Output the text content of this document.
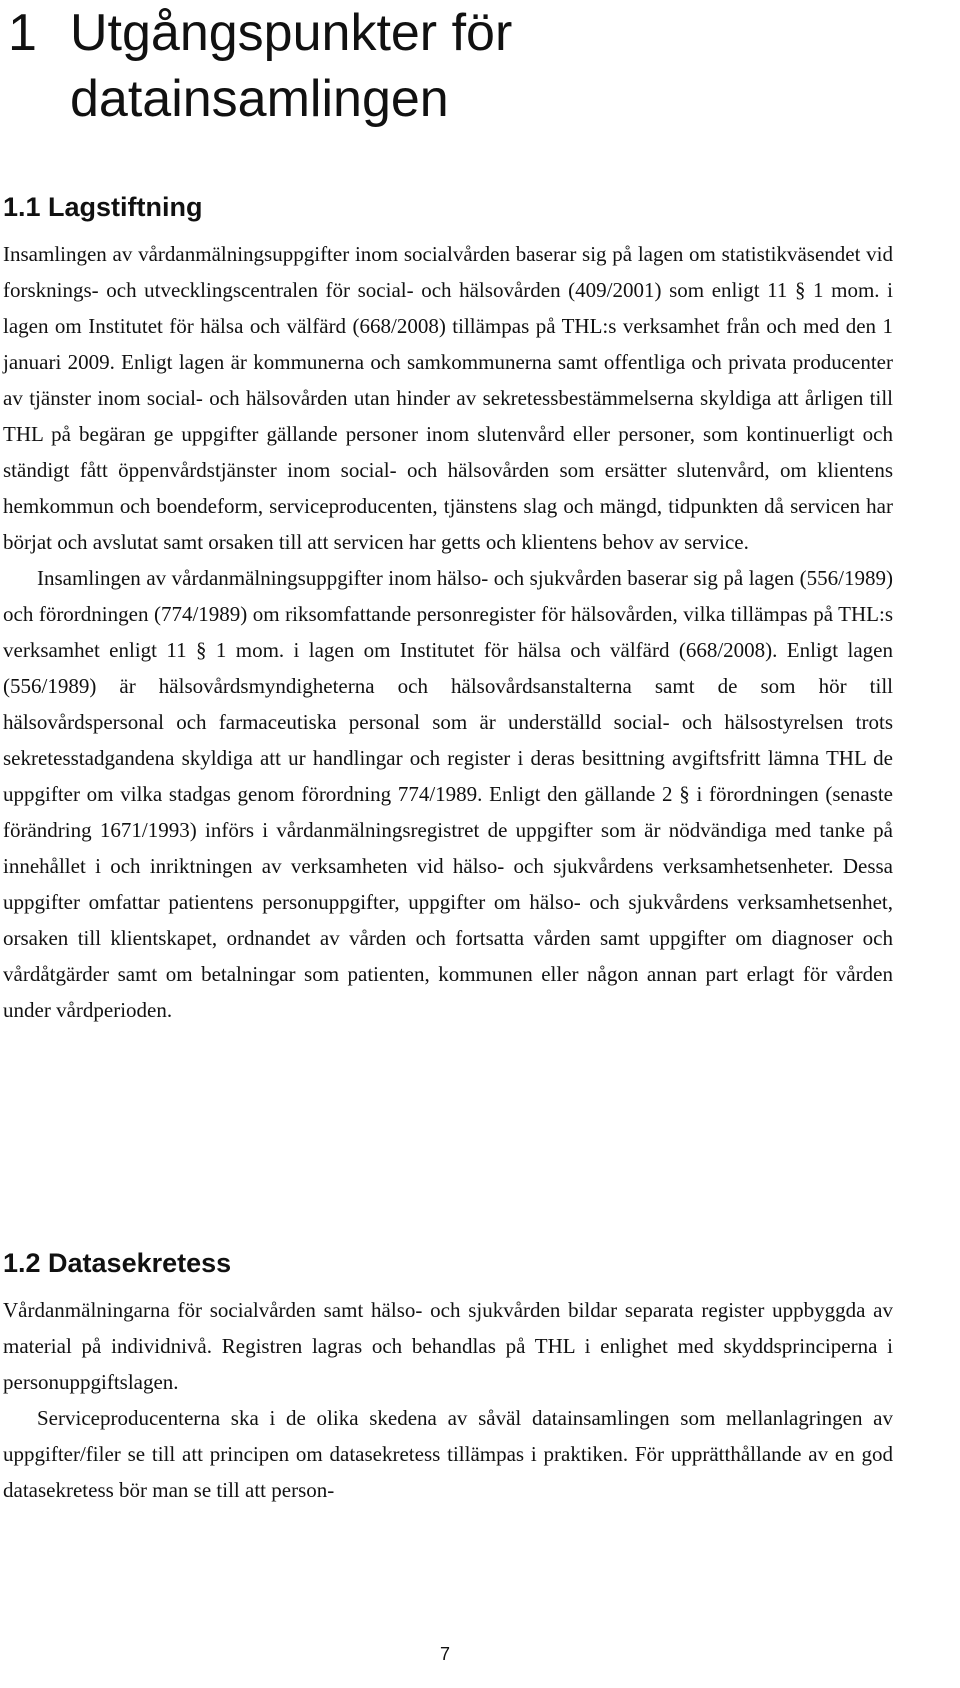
1 Utgångspunkter för
datainsamlingen
1.1 Lagstiftning

Insamlingen av vårdanmälningsuppgifter inom socialvården baserar sig på lagen om statistikväsendet vid forsknings- och utvecklingscentralen för social- och hälsovården (409/2001) som enligt 11 § 1 mom. i lagen om Institutet för hälsa och välfärd (668/2008) tillämpas på THL:s verksamhet från och med den 1 januari 2009. Enligt lagen är kommunerna och samkommunerna samt offentliga och privata producenter av tjänster inom social- och hälsovården utan hinder av sekretessbestämmelserna skyldiga att årligen till THL på begäran ge uppgifter gällande personer inom slutenvård eller personer, som kontinuerligt och ständigt fått öppenvårdstjänster inom social- och hälsovården som ersätter slutenvård, om klientens hemkommun och boendeform, serviceproducenten, tjänstens slag och mängd, tidpunkten då servicen har börjat och avslutat samt orsaken till att servicen har getts och klientens behov av service.

Insamlingen av vårdanmälningsuppgifter inom hälso- och sjukvården baserar sig på lagen (556/1989) och förordningen (774/1989) om riksomfattande personregister för hälsovården, vilka tillämpas på THL:s verksamhet enligt 11 § 1 mom. i lagen om Institutet för hälsa och välfärd (668/2008). Enligt lagen (556/1989) är hälsovårdsmyndigheterna och hälsovårdsanstalterna samt de som hör till hälsovårdspersonal och farmaceutiska personal som är underställd social- och hälsostyrelsen trots sekretesstadgandena skyldiga att ur handlingar och register i deras besittning avgiftsfritt lämna THL de uppgifter om vilka stadgas genom förordning 774/1989. Enligt den gällande 2 § i förordningen (senaste förändring 1671/1993) införs i vårdanmälningsregistret de uppgifter som är nödvändiga med tanke på innehållet i och inriktningen av verksamheten vid hälso- och sjukvårdens verksamhetsenheter. Dessa uppgifter omfattar patientens personuppgifter, uppgifter om hälso- och sjukvårdens verksamhetsenhet, orsaken till klientskapet, ordnandet av vården och fortsatta vården samt uppgifter om diagnoser och vårdåtgärder samt om betalningar som patienten, kommunen eller någon annan part erlagt för vården under vårdperioden.

1.2 Datasekretess

Vårdanmälningarna för socialvården samt hälso- och sjukvården bildar separata register uppbyggda av material på individnivå. Registren lagras och behandlas på THL i enlighet med skyddsprinciperna i personuppgiftslagen.

Serviceproducenterna ska i de olika skedena av såväl datainsamlingen som mellanlagringen av uppgifter/filer se till att principen om datasekretess tillämpas i praktiken. För upprätthållande av en god datasekretess bör man se till att person-

7
